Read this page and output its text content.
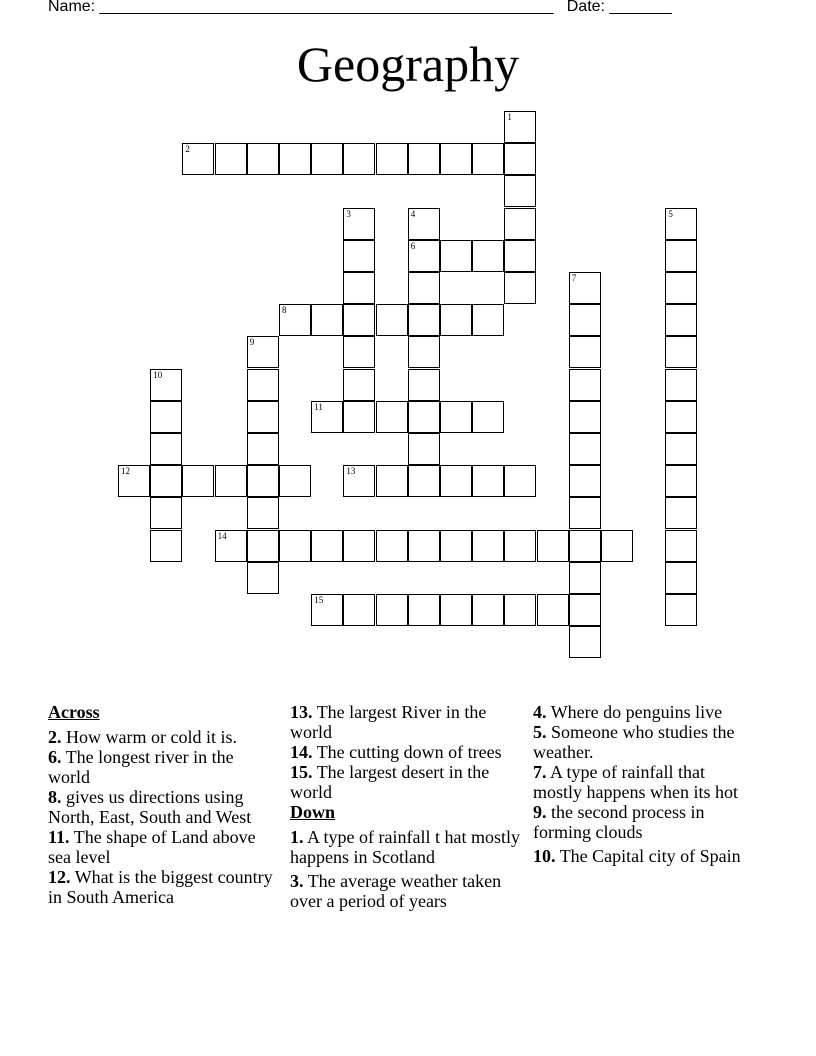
Name: ___________________________________________________ Date: _______
Geography
1
2
3	4
6
5
7
8
9
10
11
12	13
14
15
Across
2. How warm or cold it is.
6. The longest river in the world
8. gives us directions using North, East, South and West
11. The shape of Land above sea level
12. What is the biggest country in South America
13. The largest River in the world
14. The cutting down of trees
15. The largest desert in the world
Down
1. A type of rainfall t hat mostly happens in Scotland
3. The average weather taken over a period of years
4. Where do penguins live
5. Someone who studies the weather.
7. A type of rainfall that mostly happens when its hot
9. the second process in forming clouds
10. The Capital city of Spain
